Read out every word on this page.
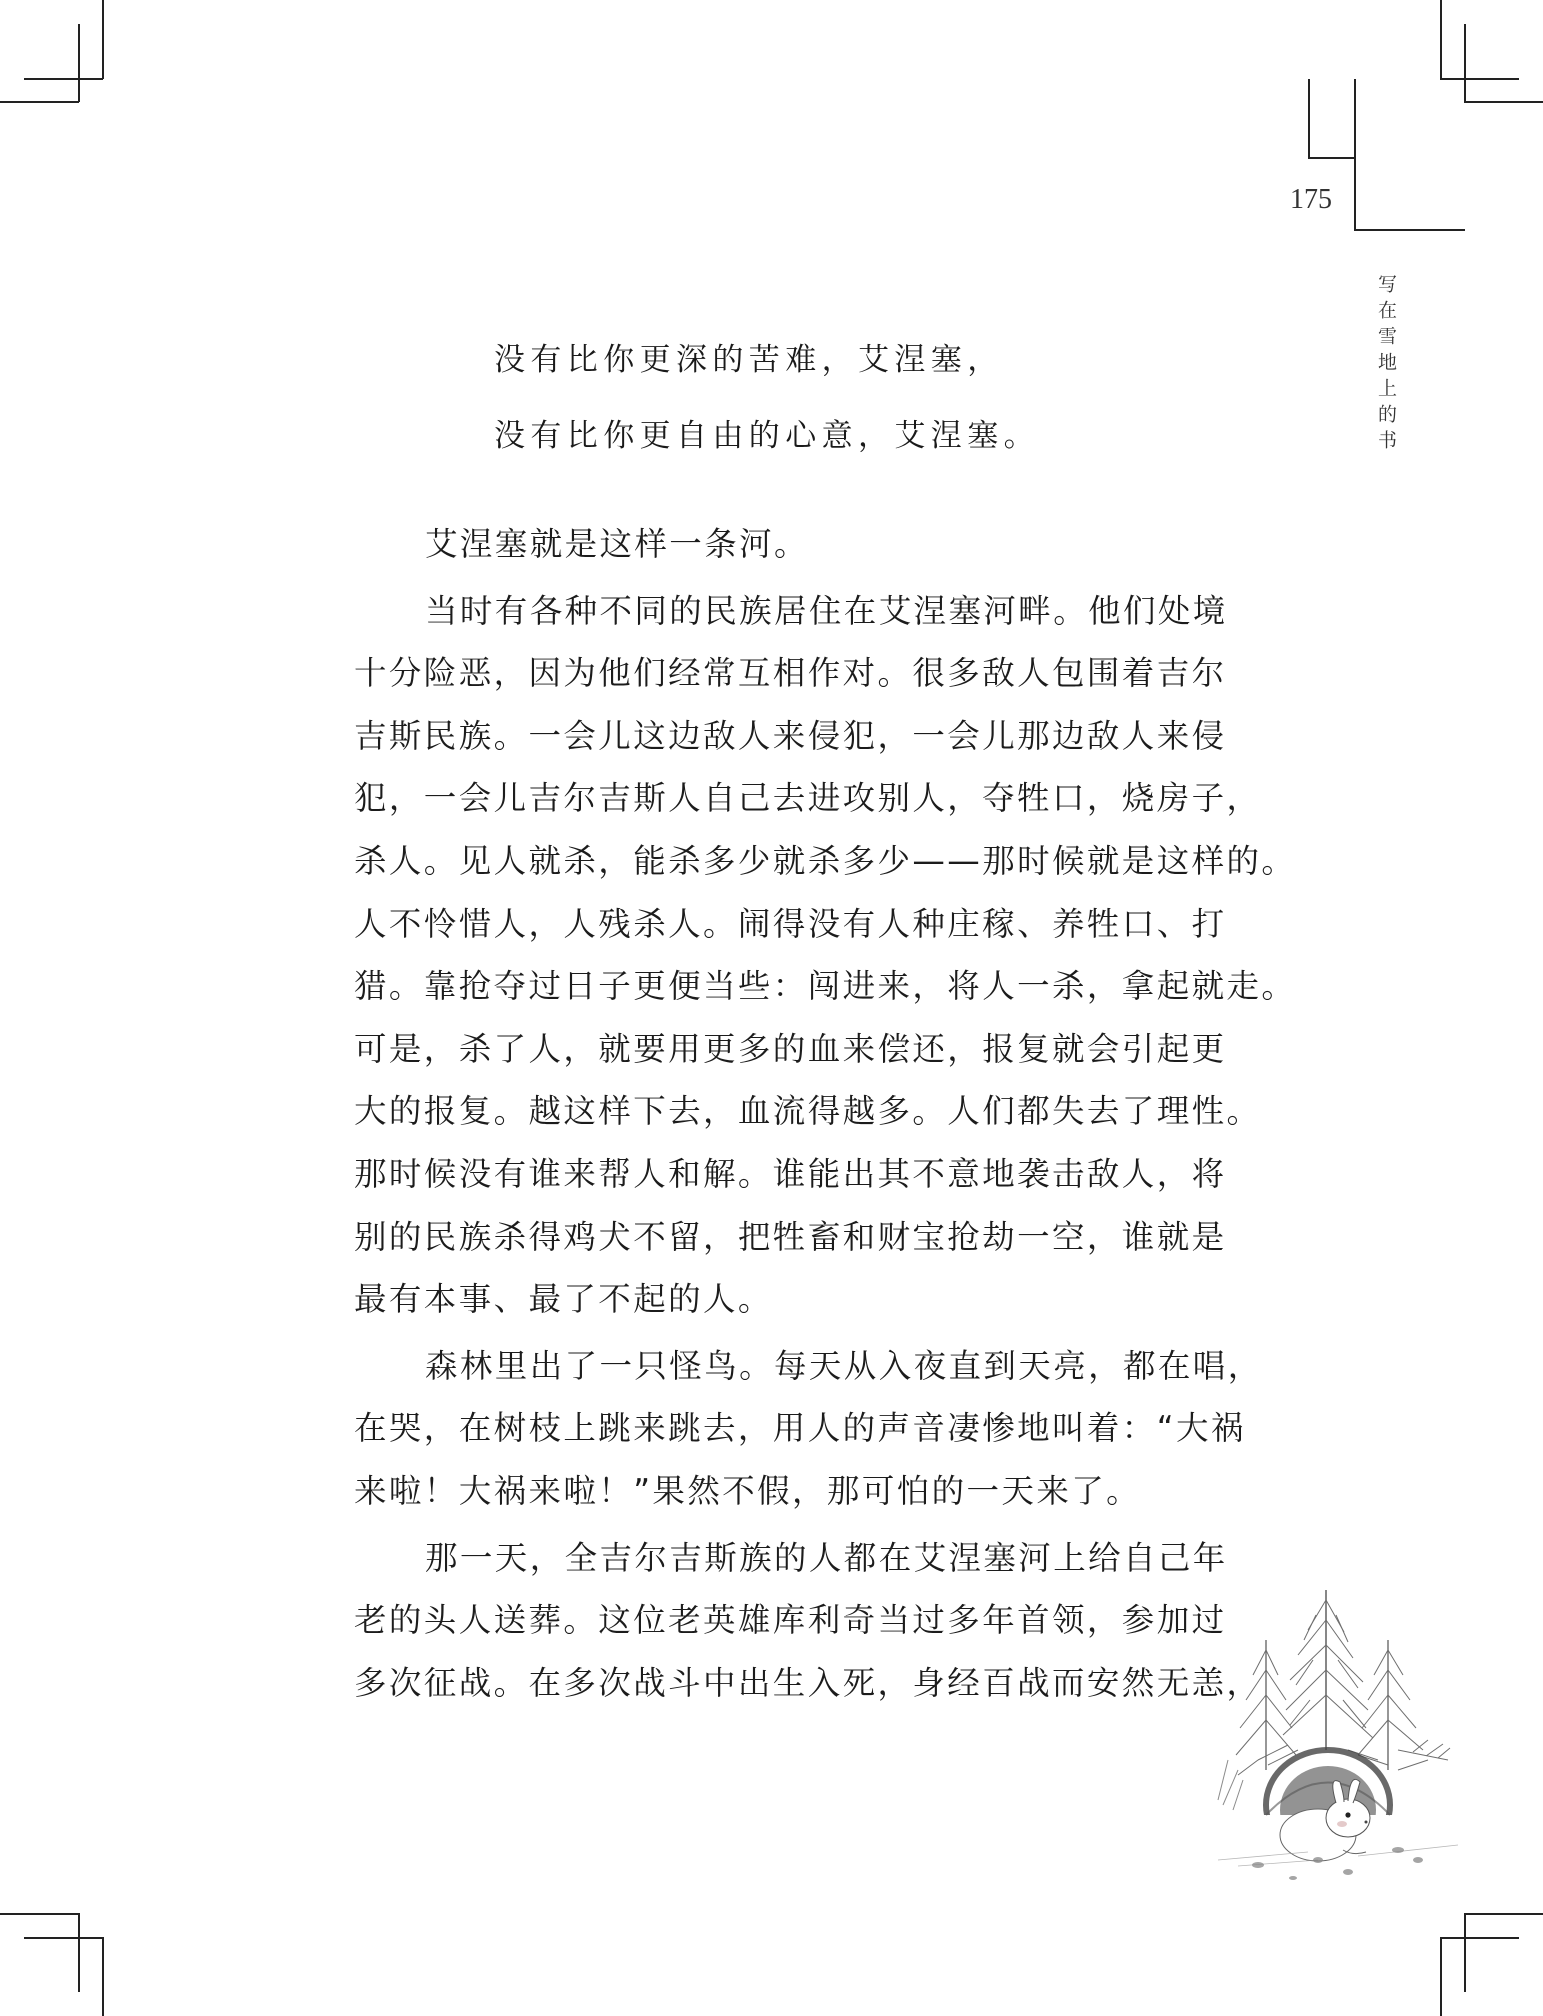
175
写在雪地上的书
没有比你更深的苦难，艾涅塞，
没有比你更自由的心意，艾涅塞。
艾涅塞就是这样一条河。
当时有各种不同的民族居住在艾涅塞河畔。他们处境
十分险恶，因为他们经常互相作对。很多敌人包围着吉尔
吉斯民族。一会儿这边敌人来侵犯，一会儿那边敌人来侵
犯，一会儿吉尔吉斯人自己去进攻别人，夺牲口，烧房子，
杀人。见人就杀，能杀多少就杀多少——那时候就是这样的。
人不怜惜人，人残杀人。闹得没有人种庄稼、养牲口、打
猎。靠抢夺过日子更便当些：闯进来，将人一杀，拿起就走。
可是，杀了人，就要用更多的血来偿还，报复就会引起更
大的报复。越这样下去，血流得越多。人们都失去了理性。
那时候没有谁来帮人和解。谁能出其不意地袭击敌人，将
别的民族杀得鸡犬不留，把牲畜和财宝抢劫一空，谁就是
最有本事、最了不起的人。
森林里出了一只怪鸟。每天从入夜直到天亮，都在唱，
在哭，在树枝上跳来跳去，用人的声音凄惨地叫着：“大祸
来啦！大祸来啦！”果然不假，那可怕的一天来了。
那一天，全吉尔吉斯族的人都在艾涅塞河上给自己年
老的头人送葬。这位老英雄库利奇当过多年首领，参加过
多次征战。在多次战斗中出生入死，身经百战而安然无恙，
